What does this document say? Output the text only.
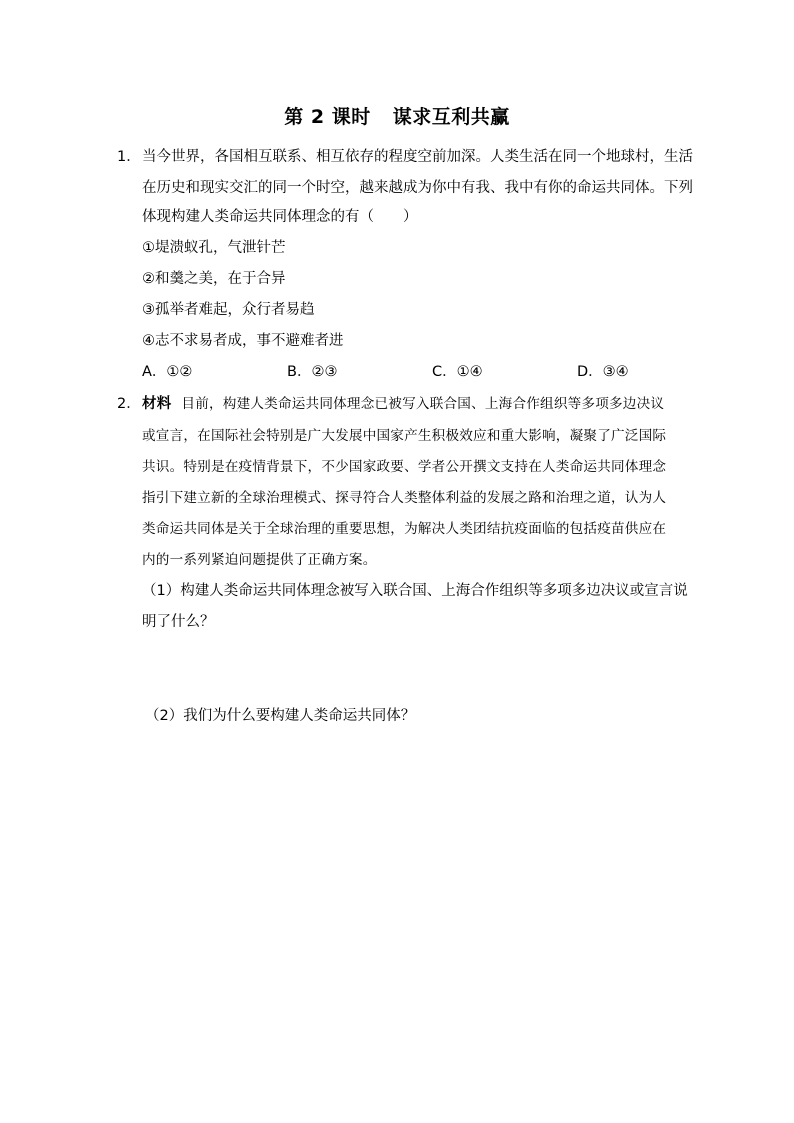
第 2 课时 谋求互利共赢
1． 当今世界，各国相互联系、相互依存的程度空前加深。人类生活在同一个地球村，生活
在历史和现实交汇的同一个时空，越来越成为你中有我、我中有你的命运共同体。下列
体现构建人类命运共同体理念的有（　　）
①堤溃蚁孔，气泄针芒
②和羹之美，在于合异
③孤举者难起，众行者易趋
④志不求易者成，事不避难者进
A．①②	B．②③	C．①④	D．③④
2． 材料 目前，构建人类命运共同体理念已被写入联合国、上海合作组织等多项多边决议
或宣言，在国际社会特别是广大发展中国家产生积极效应和重大影响，凝聚了广泛国际
共识。特别是在疫情背景下，不少国家政要、学者公开撰文支持在人类命运共同体理念
指引下建立新的全球治理模式、探寻符合人类整体利益的发展之路和治理之道，认为人
类命运共同体是关于全球治理的重要思想，为解决人类团结抗疫面临的包括疫苗供应在
内的一系列紧迫问题提供了正确方案。
（1）构建人类命运共同体理念被写入联合国、上海合作组织等多项多边决议或宣言说
明了什么？
（2）我们为什么要构建人类命运共同体？
